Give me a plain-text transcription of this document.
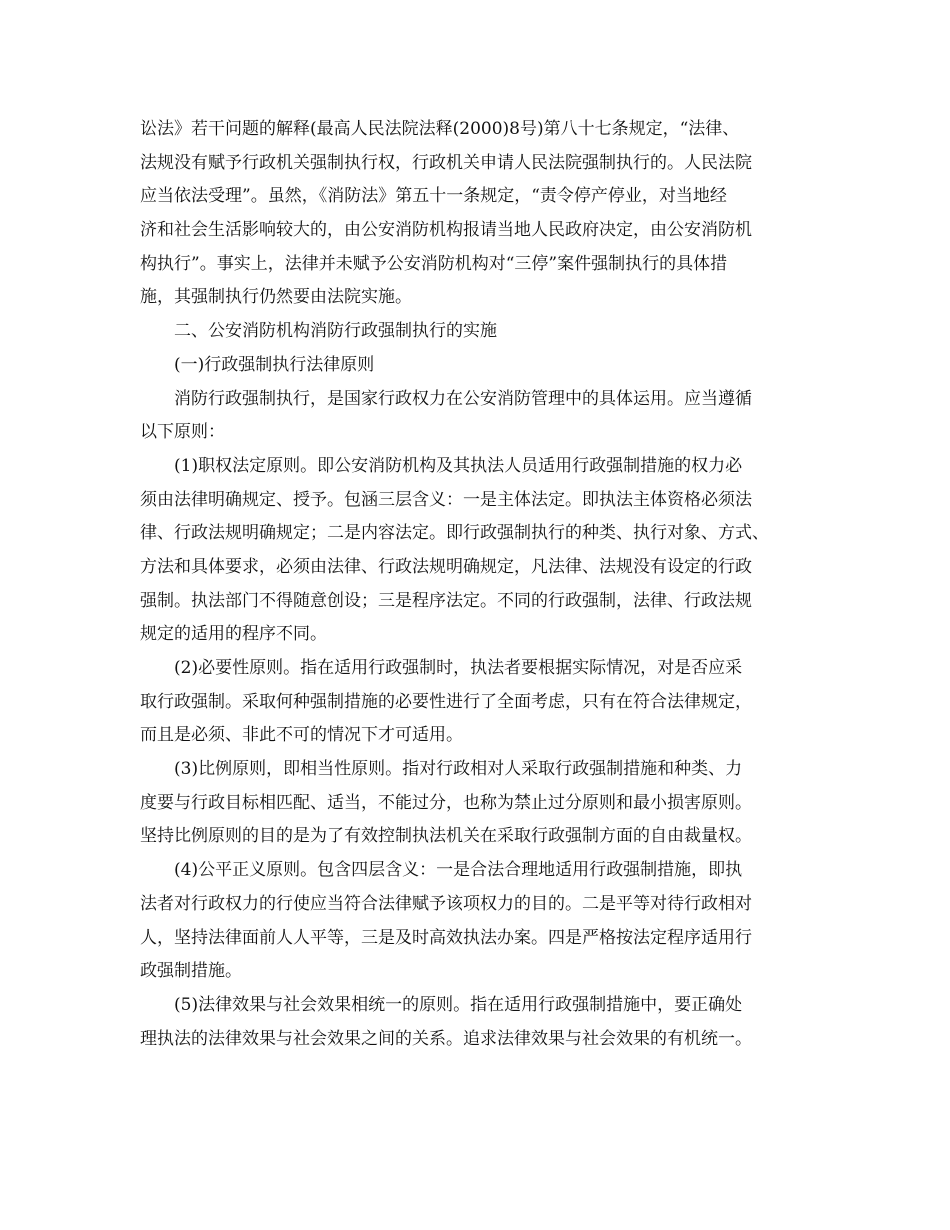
讼法》若干问题的解释(最高人民法院法释(2000)8号)第八十七条规定，“法律、
法规没有赋予行政机关强制执行权，行政机关申请人民法院强制执行的。人民法院
应当依法受理”。虽然，《消防法》第五十一条规定，“责令停产停业，对当地经
济和社会生活影响较大的，由公安消防机构报请当地人民政府决定，由公安消防机
构执行”。事实上，法律并未赋予公安消防机构对“三停”案件强制执行的具体措
施，其强制执行仍然要由法院实施。
二、公安消防机构消防行政强制执行的实施
(一)行政强制执行法律原则
消防行政强制执行，是国家行政权力在公安消防管理中的具体运用。应当遵循
以下原则：
(1)职权法定原则。即公安消防机构及其执法人员适用行政强制措施的权力必
须由法律明确规定、授予。包涵三层含义：一是主体法定。即执法主体资格必须法
律、行政法规明确规定；二是内容法定。即行政强制执行的种类、执行对象、方式、
方法和具体要求，必须由法律、行政法规明确规定，凡法律、法规没有设定的行政
强制。执法部门不得随意创设；三是程序法定。不同的行政强制，法律、行政法规
规定的适用的程序不同。
(2)必要性原则。指在适用行政强制时，执法者要根据实际情况，对是否应采
取行政强制。采取何种强制措施的必要性进行了全面考虑，只有在符合法律规定，
而且是必须、非此不可的情况下才可适用。
(3)比例原则，即相当性原则。指对行政相对人采取行政强制措施和种类、力
度要与行政目标相匹配、适当，不能过分，也称为禁止过分原则和最小损害原则。
坚持比例原则的目的是为了有效控制执法机关在采取行政强制方面的自由裁量权。
(4)公平正义原则。包含四层含义：一是合法合理地适用行政强制措施，即执
法者对行政权力的行使应当符合法律赋予该项权力的目的。二是平等对待行政相对
人，坚持法律面前人人平等，三是及时高效执法办案。四是严格按法定程序适用行
政强制措施。
(5)法律效果与社会效果相统一的原则。指在适用行政强制措施中，要正确处
理执法的法律效果与社会效果之间的关系。追求法律效果与社会效果的有机统一。
